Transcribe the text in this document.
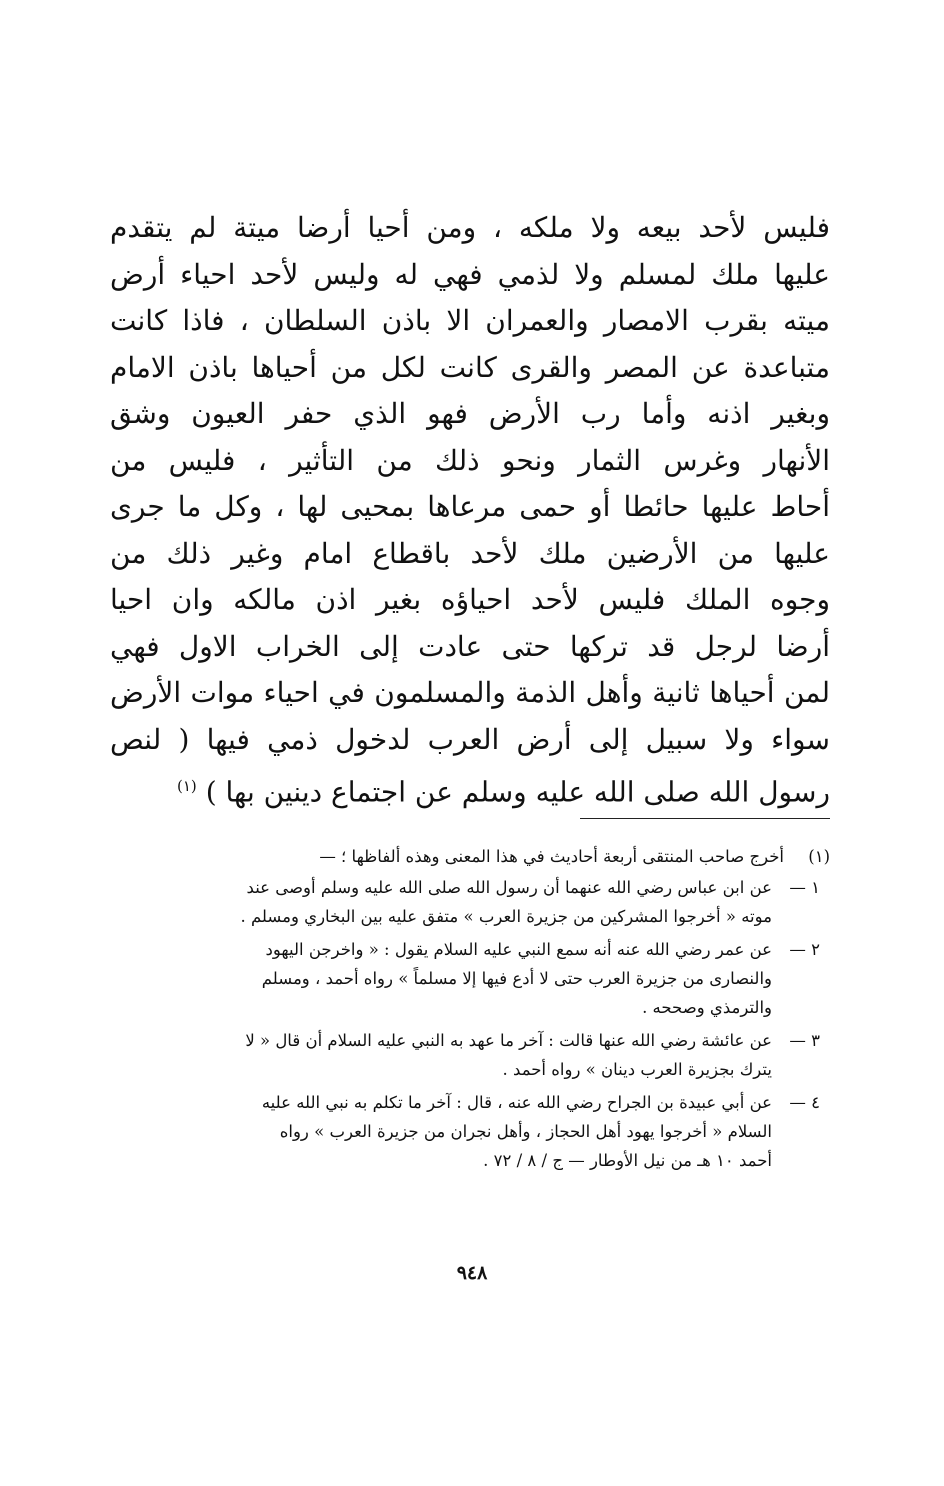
فليس لأحد بيعه ولا ملكه ، ومن أحيا أرضا ميتة لم يتقدم
عليها ملك لمسلم ولا لذمي فهي له وليس لأحد احياء أرض
ميته بقرب الامصار والعمران الا باذن السلطان ، فاذا كانت
متباعدة عن المصر والقرى كانت لكل من أحياها باذن الامام
وبغير اذنه وأما رب الأرض فهو الذي حفر العيون وشق
الأنهار وغرس الثمار ونحو ذلك من التأثير ، فليس من
أحاط عليها حائطا أو حمى مرعاها بمحيى لها ، وكل ما جرى
عليها من الأرضين ملك لأحد باقطاع امام وغير ذلك من
وجوه الملك فليس لأحد احياؤه بغير اذن مالكه وان احيا
أرضا لرجل قد تركها حتى عادت إلى الخراب الاول فهي
لمن أحياها ثانية وأهل الذمة والمسلمون في احياء موات الأرض
سواء ولا سبيل إلى أرض العرب لدخول ذمي فيها ( لنص
رسول الله صلى الله عليه وسلم عن اجتماع دينين بها ) $^{(١)}$
(١)
أخرج صاحب المنتقى أربعة أحاديث في هذا المعنى وهذه ألفاظها ؛ —
١ —
عن ابن عباس رضي الله عنهما أن رسول الله صلى الله عليه وسلم أوصى عند
موته « أخرجوا المشركين من جزيرة العرب » متفق عليه بين البخاري ومسلم .
٢ —
عن عمر رضي الله عنه أنه سمع النبي عليه السلام يقول : « واخرجن اليهود
والنصارى من جزيرة العرب حتى لا أدع فيها إلا مسلماً » رواه أحمد ، ومسلم
والترمذي وصححه .
٣ —
عن عائشة رضي الله عنها قالت : آخر ما عهد به النبي عليه السلام أن قال « لا
يترك بجزيرة العرب دينان » رواه أحمد .
٤ —
عن أبي عبيدة بن الجراح رضي الله عنه ، قال : آخر ما تكلم به نبي الله عليه
السلام « أخرجوا يهود أهل الحجاز ، وأهل نجران من جزيرة العرب » رواه
أحمد ١٠ هـ من نيل الأوطار — ج / ٨ / ٧٢ .
٩٤٨
